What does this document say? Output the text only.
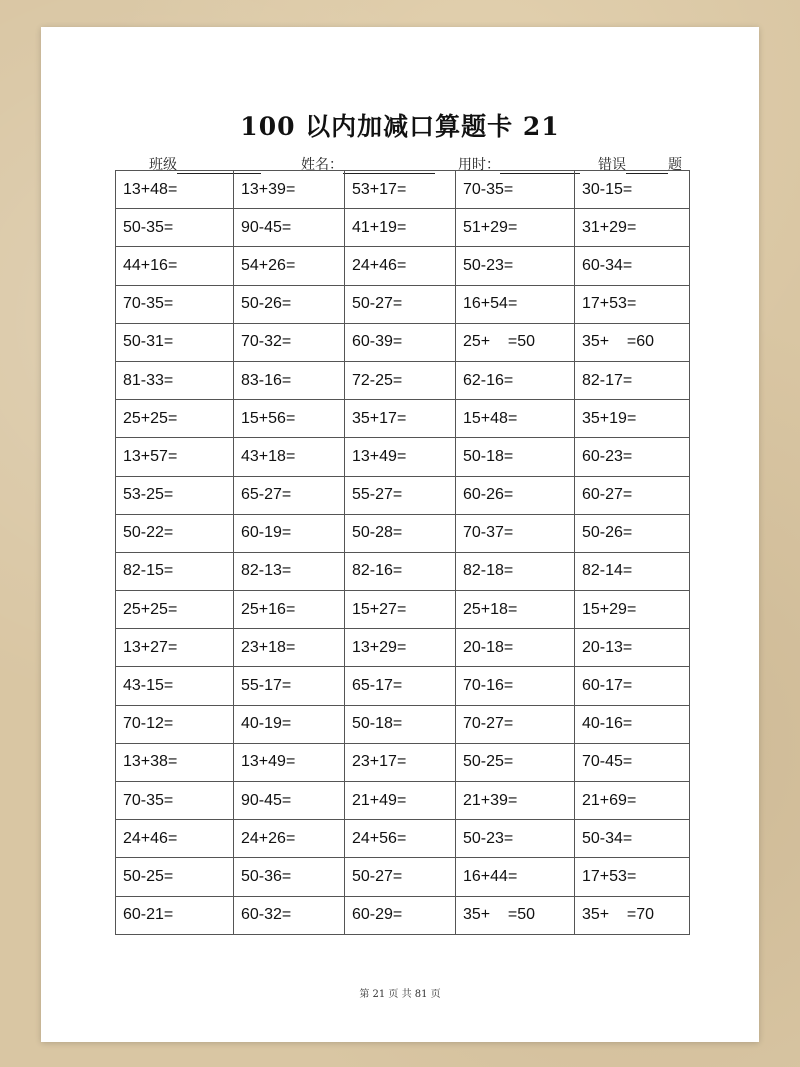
100 以内加减口算题卡 21
班级	姓名：	用时：	错误	题
13+48=	13+39=	53+17=	70-35=	30-15=
50-35=	90-45=	41+19=	51+29=	31+29=
44+16=	54+26=	24+46=	50-23=	60-34=
70-35=	50-26=	50-27=	16+54=	17+53=
50-31=	70-32=	60-39=	25+    =50	35+    =60
81-33=	83-16=	72-25=	62-16=	82-17=
25+25=	15+56=	35+17=	15+48=	35+19=
13+57=	43+18=	13+49=	50-18=	60-23=
53-25=	65-27=	55-27=	60-26=	60-27=
50-22=	60-19=	50-28=	70-37=	50-26=
82-15=	82-13=	82-16=	82-18=	82-14=
25+25=	25+16=	15+27=	25+18=	15+29=
13+27=	23+18=	13+29=	20-18=	20-13=
43-15=	55-17=	65-17=	70-16=	60-17=
70-12=	40-19=	50-18=	70-27=	40-16=
13+38=	13+49=	23+17=	50-25=	70-45=
70-35=	90-45=	21+49=	21+39=	21+69=
24+46=	24+26=	24+56=	50-23=	50-34=
50-25=	50-36=	50-27=	16+44=	17+53=
60-21=	60-32=	60-29=	35+    =50	35+    =70
第 21 页 共 81 页
